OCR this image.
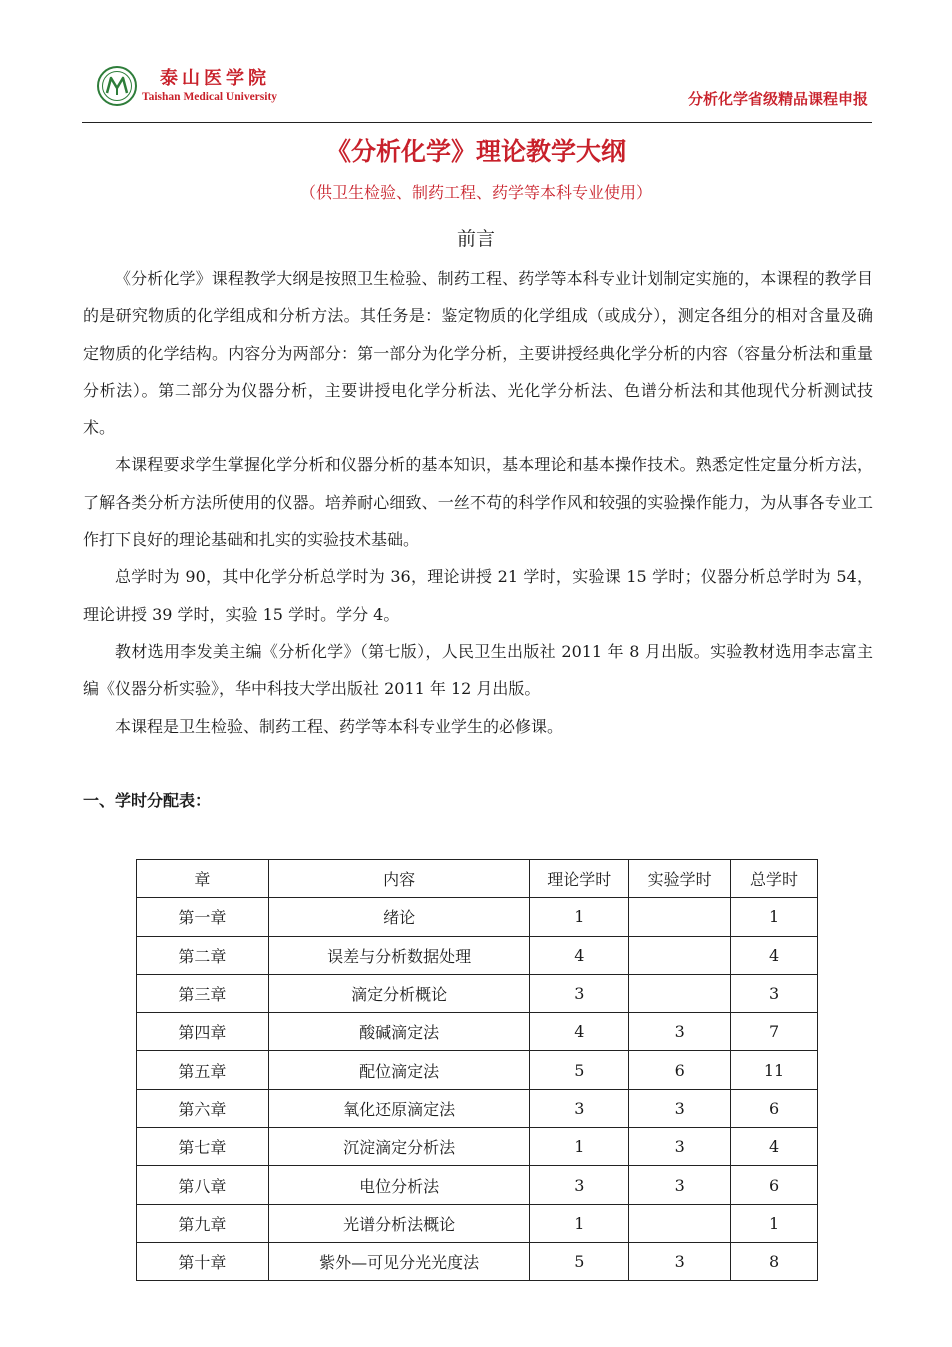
泰山医学院
Taishan Medical University	分析化学省级精品课程申报
《分析化学》理论教学大纲
（供卫生检验、制药工程、药学等本科专业使用）
前言

《分析化学》课程教学大纲是按照卫生检验、制药工程、药学等本科专业计划制定实施的，本课程的教学目的是研究物质的化学组成和分析方法。其任务是：鉴定物质的化学组成（或成分），测定各组分的相对含量及确定物质的化学结构。内容分为两部分：第一部分为化学分析，主要讲授经典化学分析的内容（容量分析法和重量分析法）。第二部分为仪器分析，主要讲授电化学分析法、光化学分析法、色谱分析法和其他现代分析测试技术。

本课程要求学生掌握化学分析和仪器分析的基本知识，基本理论和基本操作技术。熟悉定性定量分析方法，了解各类分析方法所使用的仪器。培养耐心细致、一丝不苟的科学作风和较强的实验操作能力，为从事各专业工作打下良好的理论基础和扎实的实验技术基础。

总学时为 90，其中化学分析总学时为 36，理论讲授 21 学时，实验课 15 学时；仪器分析总学时为 54，理论讲授 39 学时，实验 15 学时。学分 4。

教材选用李发美主编《分析化学》（第七版），人民卫生出版社 2011 年 8 月出版。实验教材选用李志富主编《仪器分析实验》，华中科技大学出版社 2011 年 12 月出版。

本课程是卫生检验、制药工程、药学等本科专业学生的必修课。

一、学时分配表：
章	内容	理论学时	实验学时	总学时
第一章	绪论	1		1
第二章	误差与分析数据处理	4		4
第三章	滴定分析概论	3		3
第四章	酸碱滴定法	4	3	7
第五章	配位滴定法	5	6	11
第六章	氧化还原滴定法	3	3	6
第七章	沉淀滴定分析法	1	3	4
第八章	电位分析法	3	3	6
第九章	光谱分析法概论	1		1
第十章	紫外—可见分光光度法	5	3	8
